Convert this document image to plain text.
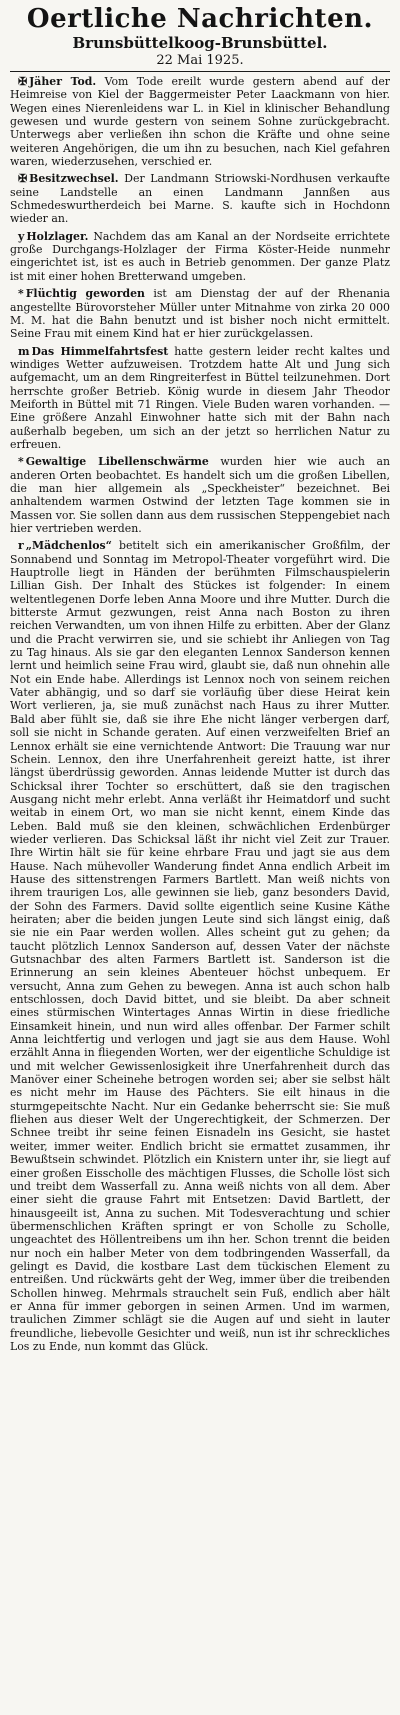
Oertliche Nachrichten.
Brunsbüttelkoog-Brunsbüttel.
22 Mai 1925.

✠ Jäher Tod. Vom Tode ereilt wurde gestern abend auf der Heimreise von Kiel der Baggermeister Peter Laackmann von hier. Wegen eines Nierenleidens war L. in Kiel in klinischer Behandlung gewesen und wurde gestern von seinem Sohne zurückgebracht. Unterwegs aber verließen ihn schon die Kräfte und ohne seine weiteren Angehörigen, die um ihn zu besuchen, nach Kiel gefahren waren, wiederzusehen, verschied er.

✠ Besitzwechsel. Der Landmann Striowski-Nordhusen verkaufte seine Landstelle an einen Landmann Jannßen aus Schmedeswurtherdeich bei Marne. S. kaufte sich in Hochdonn wieder an.

y Holzlager. Nachdem das am Kanal an der Nordseite errichtete große Durchgangs-Holzlager der Firma Köster-Heide nunmehr eingerichtet ist, ist es auch in Betrieb genommen. Der ganze Platz ist mit einer hohen Bretterwand umgeben.

* Flüchtig geworden ist am Dienstag der auf der Rhenania angestellte Bürovorsteher Müller unter Mitnahme von zirka 20 000 M. M. hat die Bahn benutzt und ist bisher noch nicht ermittelt. Seine Frau mit einem Kind hat er hier zurückgelassen.

m Das Himmelfahrtsfest hatte gestern leider recht kaltes und windiges Wetter aufzuweisen. Trotzdem hatte Alt und Jung sich aufgemacht, um an dem Ringreiterfest in Büttel teilzunehmen. Dort herrschte großer Betrieb. König wurde in diesem Jahr Theodor Meiforth in Büttel mit 71 Ringen. Viele Buden waren vorhanden. — Eine größere Anzahl Einwohner hatte sich mit der Bahn nach außerhalb begeben, um sich an der jetzt so herrlichen Natur zu erfreuen.

* Gewaltige Libellenschwärme wurden hier wie auch an anderen Orten beobachtet. Es handelt sich um die großen Libellen, die man hier allgemein als „Speckheister“ bezeichnet. Bei anhaltendem warmen Ostwind der letzten Tage kommen sie in Massen vor. Sie sollen dann aus dem russischen Steppengebiet nach hier vertrieben werden.

r „Mädchenlos“ betitelt sich ein amerikanischer Großfilm, der Sonnabend und Sonntag im Metropol-Theater vorgeführt wird. Die Hauptrolle liegt in Händen der berühmten Filmschauspielerin Lillian Gish. Der Inhalt des Stückes ist folgender: In einem weltentlegenen Dorfe leben Anna Moore und ihre Mutter. Durch die bitterste Armut gezwungen, reist Anna nach Boston zu ihren reichen Verwandten, um von ihnen Hilfe zu erbitten. Aber der Glanz und die Pracht verwirren sie, und sie schiebt ihr Anliegen von Tag zu Tag hinaus. Als sie gar den eleganten Lennox Sanderson kennen lernt und heimlich seine Frau wird, glaubt sie, daß nun ohnehin alle Not ein Ende habe. Allerdings ist Lennox noch von seinem reichen Vater abhängig, und so darf sie vorläufig über diese Heirat kein Wort verlieren, ja, sie muß zunächst nach Haus zu ihrer Mutter. Bald aber fühlt sie, daß sie ihre Ehe nicht länger verbergen darf, soll sie nicht in Schande geraten. Auf einen verzweifelten Brief an Lennox erhält sie eine vernichtende Antwort: Die Trauung war nur Schein. Lennox, den ihre Unerfahrenheit gereizt hatte, ist ihrer längst überdrüssig geworden. Annas leidende Mutter ist durch das Schicksal ihrer Tochter so erschüttert, daß sie den tragischen Ausgang nicht mehr erlebt. Anna verläßt ihr Heimatdorf und sucht weitab in einem Ort, wo man sie nicht kennt, einem Kinde das Leben. Bald muß sie den kleinen, schwächlichen Erdenbürger wieder verlieren. Das Schicksal läßt ihr nicht viel Zeit zur Trauer. Ihre Wirtin hält sie für keine ehrbare Frau und jagt sie aus dem Hause. Nach mühevoller Wanderung findet Anna endlich Arbeit im Hause des sittenstrengen Farmers Bartlett. Man weiß nichts von ihrem traurigen Los, alle gewinnen sie lieb, ganz besonders David, der Sohn des Farmers. David sollte eigentlich seine Kusine Käthe heiraten; aber die beiden jungen Leute sind sich längst einig, daß sie nie ein Paar werden wollen. Alles scheint gut zu gehen; da taucht plötzlich Lennox Sanderson auf, dessen Vater der nächste Gutsnachbar des alten Farmers Bartlett ist. Sanderson ist die Erinnerung an sein kleines Abenteuer höchst unbequem. Er versucht, Anna zum Gehen zu bewegen. Anna ist auch schon halb entschlossen, doch David bittet, und sie bleibt. Da aber schneit eines stürmischen Wintertages Annas Wirtin in diese friedliche Einsamkeit hinein, und nun wird alles offenbar. Der Farmer schilt Anna leichtfertig und verlogen und jagt sie aus dem Hause. Wohl erzählt Anna in fliegenden Worten, wer der eigentliche Schuldige ist und mit welcher Gewissenlosigkeit ihre Unerfahrenheit durch das Manöver einer Scheinehe betrogen worden sei; aber sie selbst hält es nicht mehr im Hause des Pächters. Sie eilt hinaus in die sturmgepeitschte Nacht. Nur ein Gedanke beherrscht sie: Sie muß fliehen aus dieser Welt der Ungerechtigkeit, der Schmerzen. Der Schnee treibt ihr seine feinen Eisnadeln ins Gesicht, sie hastet weiter, immer weiter. Endlich bricht sie ermattet zusammen, ihr Bewußtsein schwindet. Plötzlich ein Knistern unter ihr, sie liegt auf einer großen Eisscholle des mächtigen Flusses, die Scholle löst sich und treibt dem Wasserfall zu. Anna weiß nichts von all dem. Aber einer sieht die grause Fahrt mit Entsetzen: David Bartlett, der hinausgeeilt ist, Anna zu suchen. Mit Todesverachtung und schier übermenschlichen Kräften springt er von Scholle zu Scholle, ungeachtet des Höllentreibens um ihn her. Schon trennt die beiden nur noch ein halber Meter von dem todbringenden Wasserfall, da gelingt es David, die kostbare Last dem tückischen Element zu entreißen. Und rückwärts geht der Weg, immer über die treibenden Schollen hinweg. Mehrmals strauchelt sein Fuß, endlich aber hält er Anna für immer geborgen in seinen Armen. Und im warmen, traulichen Zimmer schlägt sie die Augen auf und sieht in lauter freundliche, liebevolle Gesichter und weiß, nun ist ihr schreckliches Los zu Ende, nun kommt das Glück.
